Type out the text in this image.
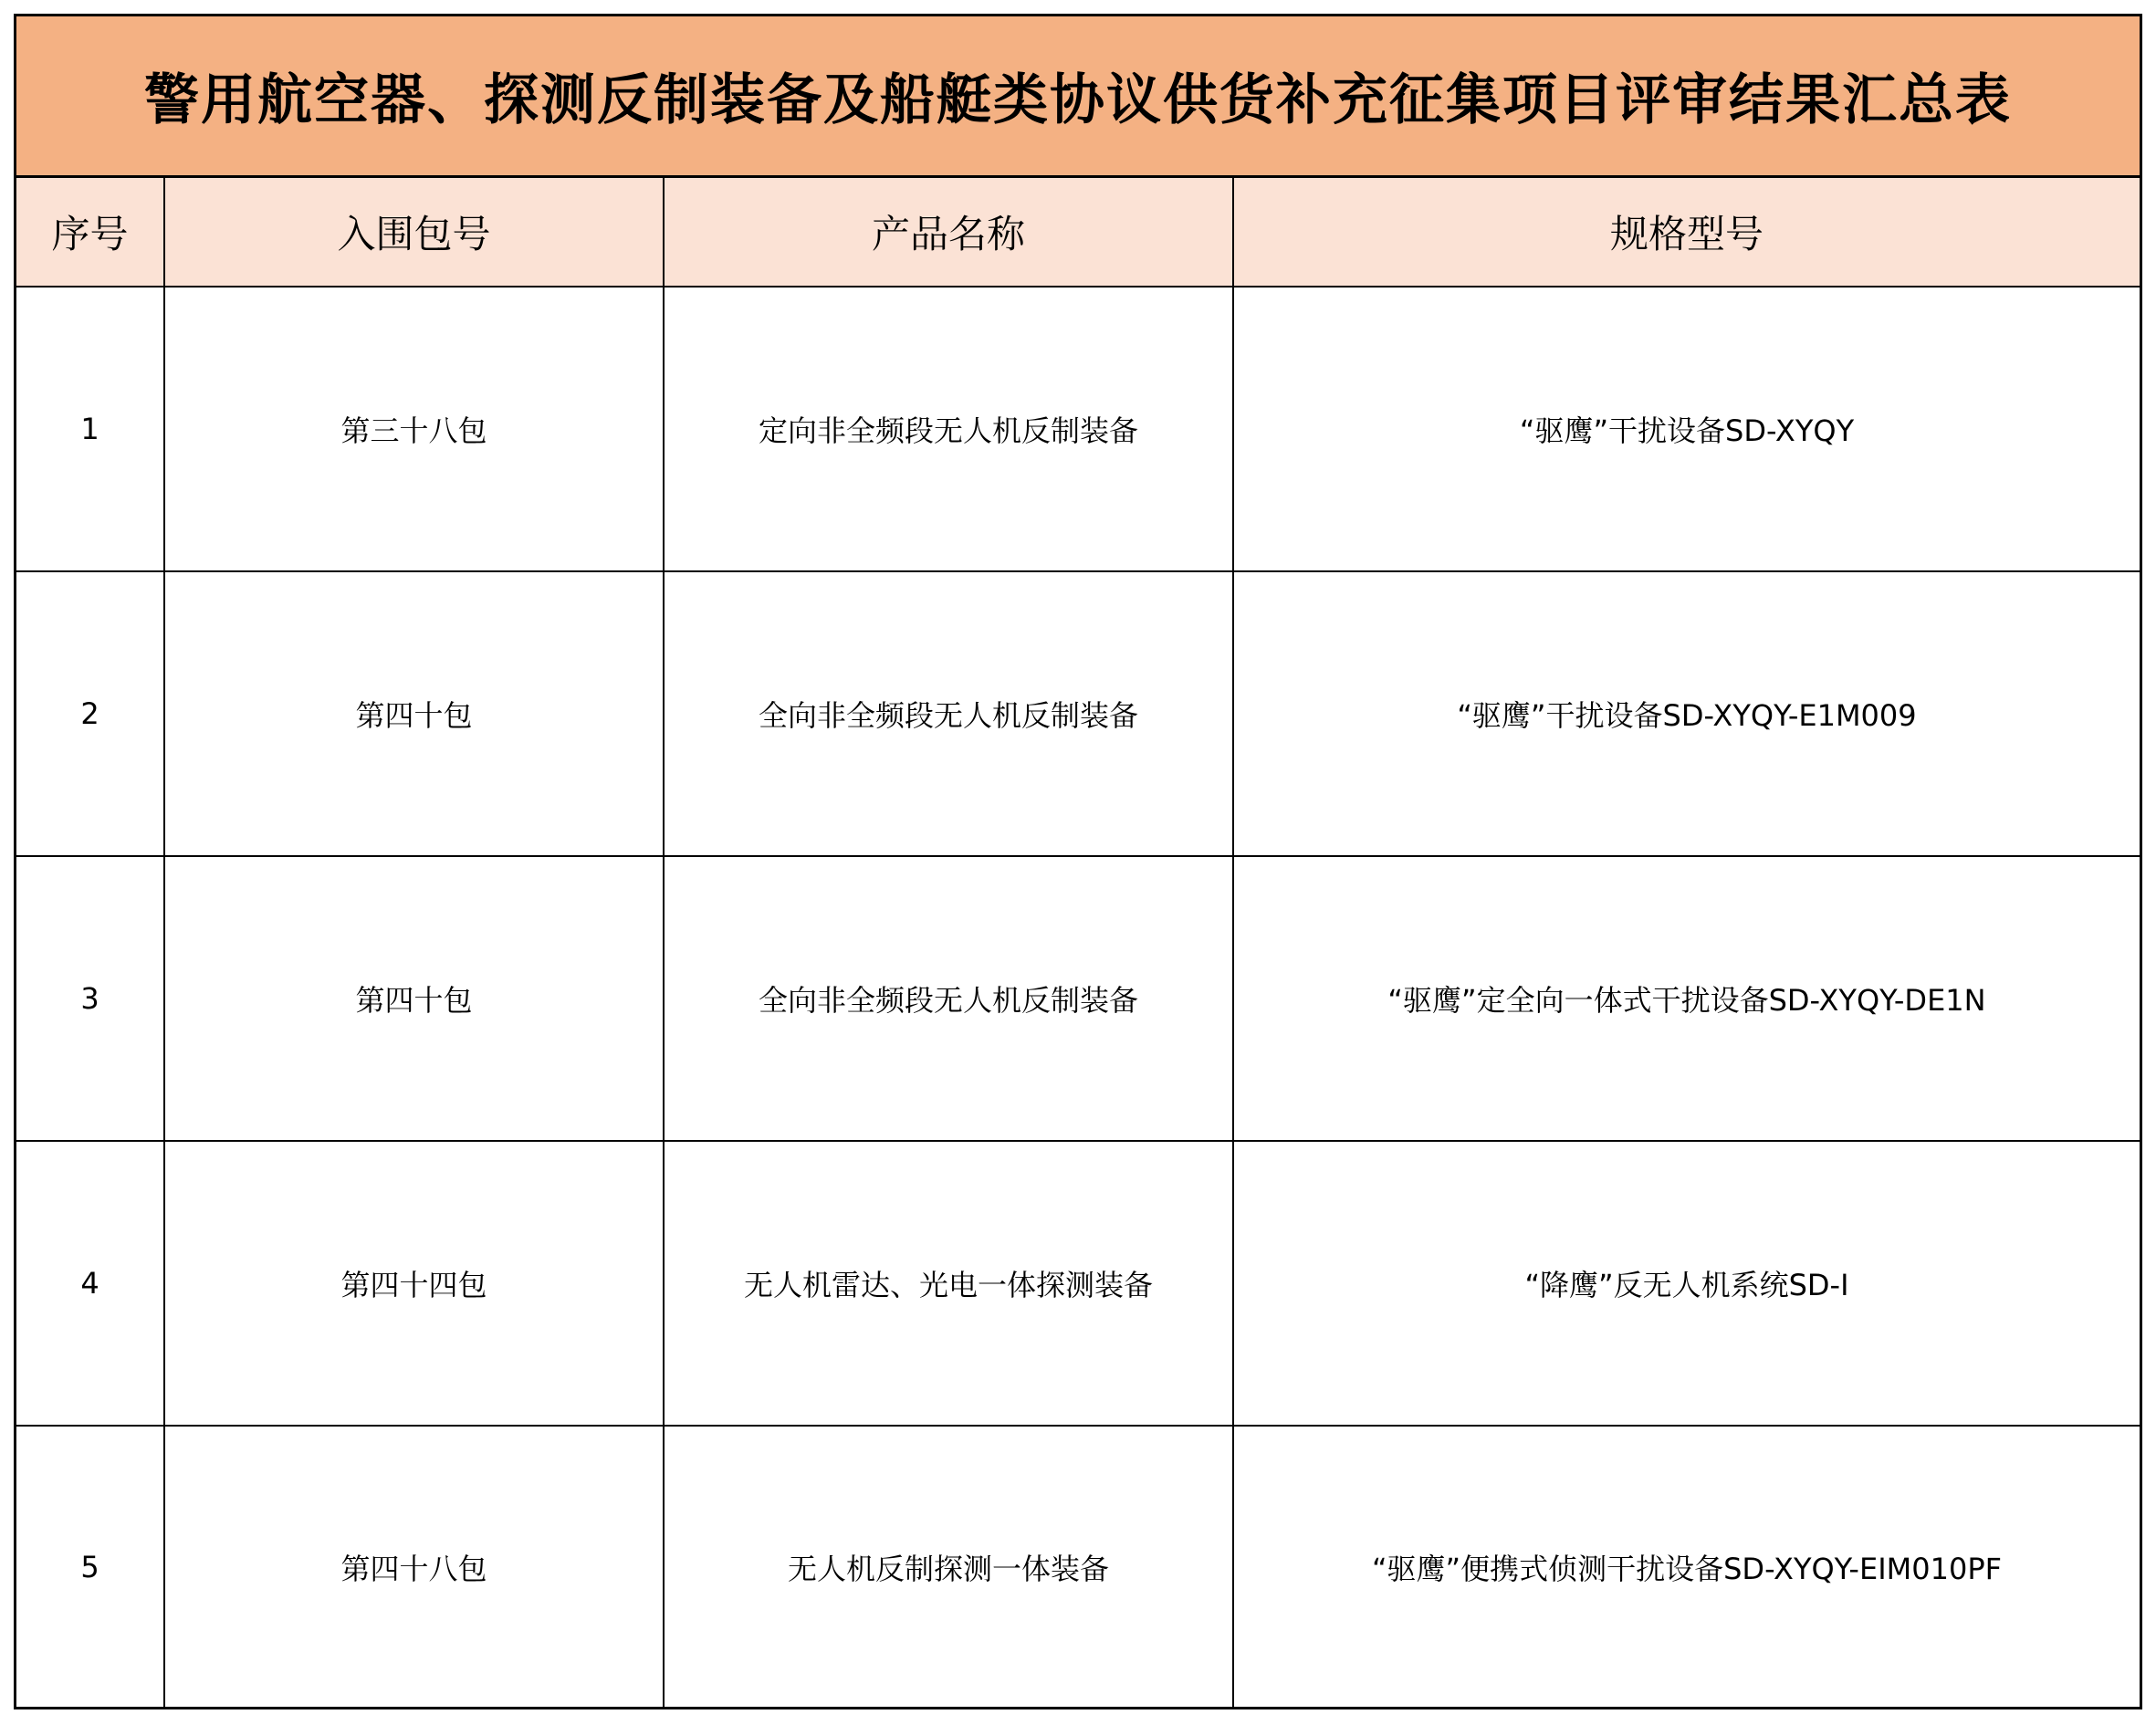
警用航空器、探测反制装备及船艇类协议供货补充征集项目评审结果汇总表
序号	入围包号	产品名称	规格型号
1	第三十八包	定向非全频段无人机反制装备	“驱鹰”干扰设备SD-XYQY
2	第四十包	全向非全频段无人机反制装备	“驱鹰”干扰设备SD-XYQY-E1M009
3	第四十包	全向非全频段无人机反制装备	“驱鹰”定全向一体式干扰设备SD-XYQY-DE1N
4	第四十四包	无人机雷达、光电一体探测装备	“降鹰”反无人机系统SD-I
5	第四十八包	无人机反制探测一体装备	“驱鹰”便携式侦测干扰设备SD-XYQY-EIM010PF
